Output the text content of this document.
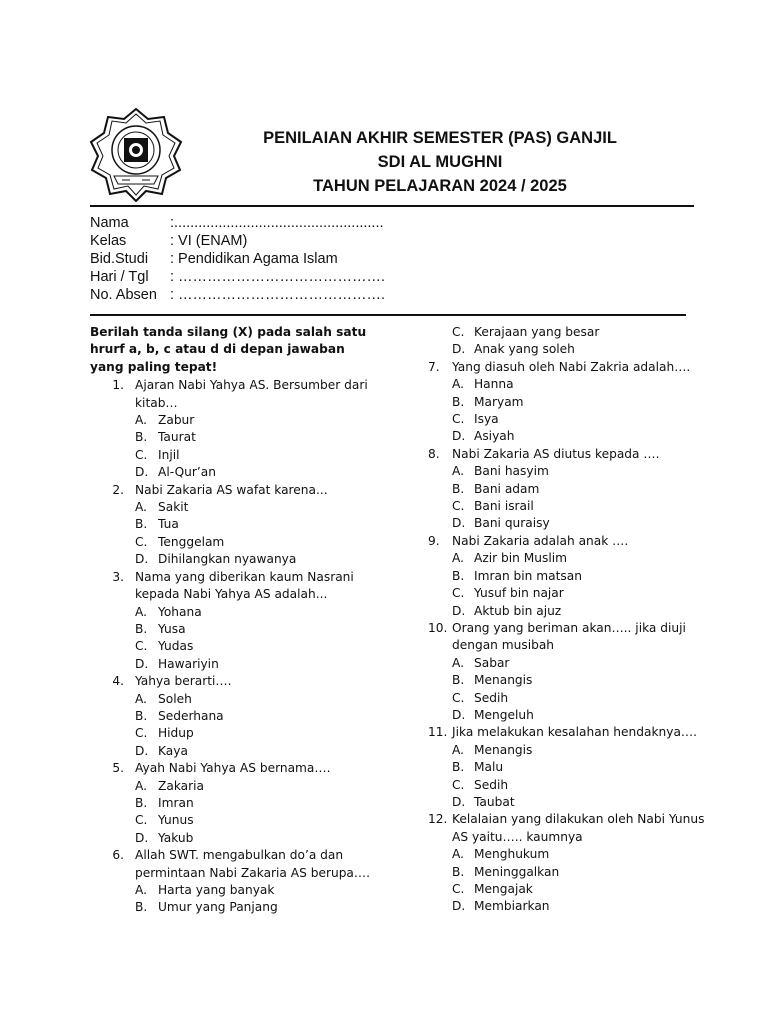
PENILAIAN AKHIR SEMESTER (PAS) GANJIL
SDI AL MUGHNI
TAHUN PELAJARAN 2024 / 2025
Nama	:....................................................
Kelas	: VI (ENAM)
Bid.Studi : Pendidikan Agama Islam
Hari / Tgl : …………………………………….
No. Absen : …………………………………….
Berilah tanda silang (X) pada salah satu hrurf a, b, c atau d di depan jawaban yang paling tepat!
1. Ajaran Nabi Yahya AS. Bersumber dari kitab…
A. Zabur
B. Taurat
C. Injil
D. Al-Qur’an
2. Nabi Zakaria AS wafat karena...
A. Sakit
B. Tua
C. Tenggelam
D. Dihilangkan nyawanya
3. Nama yang diberikan kaum Nasrani kepada Nabi Yahya AS adalah...
A. Yohana
B. Yusa
C. Yudas
D. Hawariyin
4. Yahya berarti….
A. Soleh
B. Sederhana
C. Hidup
D. Kaya
5. Ayah Nabi Yahya AS bernama….
A. Zakaria
B. Imran
C. Yunus
D. Yakub
6. Allah SWT. mengabulkan do’a dan permintaan Nabi Zakaria AS berupa….
A. Harta yang banyak
B. Umur yang Panjang
C. Kerajaan yang besar
D. Anak yang soleh
7. Yang diasuh oleh Nabi Zakria adalah….
A. Hanna
B. Maryam
C. Isya
D. Asiyah
8. Nabi Zakaria AS diutus kepada ….
A. Bani hasyim
B. Bani adam
C. Bani israil
D. Bani quraisy
9. Nabi Zakaria adalah anak ….
A. Azir bin Muslim
B. Imran bin matsan
C. Yusuf bin najar
D. Aktub bin ajuz
10. Orang yang beriman akan….. jika diuji dengan musibah
A. Sabar
B. Menangis
C. Sedih
D. Mengeluh
11. Jika melakukan kesalahan hendaknya….
A. Menangis
B. Malu
C. Sedih
D. Taubat
12. Kelalaian yang dilakukan oleh Nabi Yunus AS yaitu….. kaumnya
A. Menghukum
B. Meninggalkan
C. Mengajak
D. Membiarkan
